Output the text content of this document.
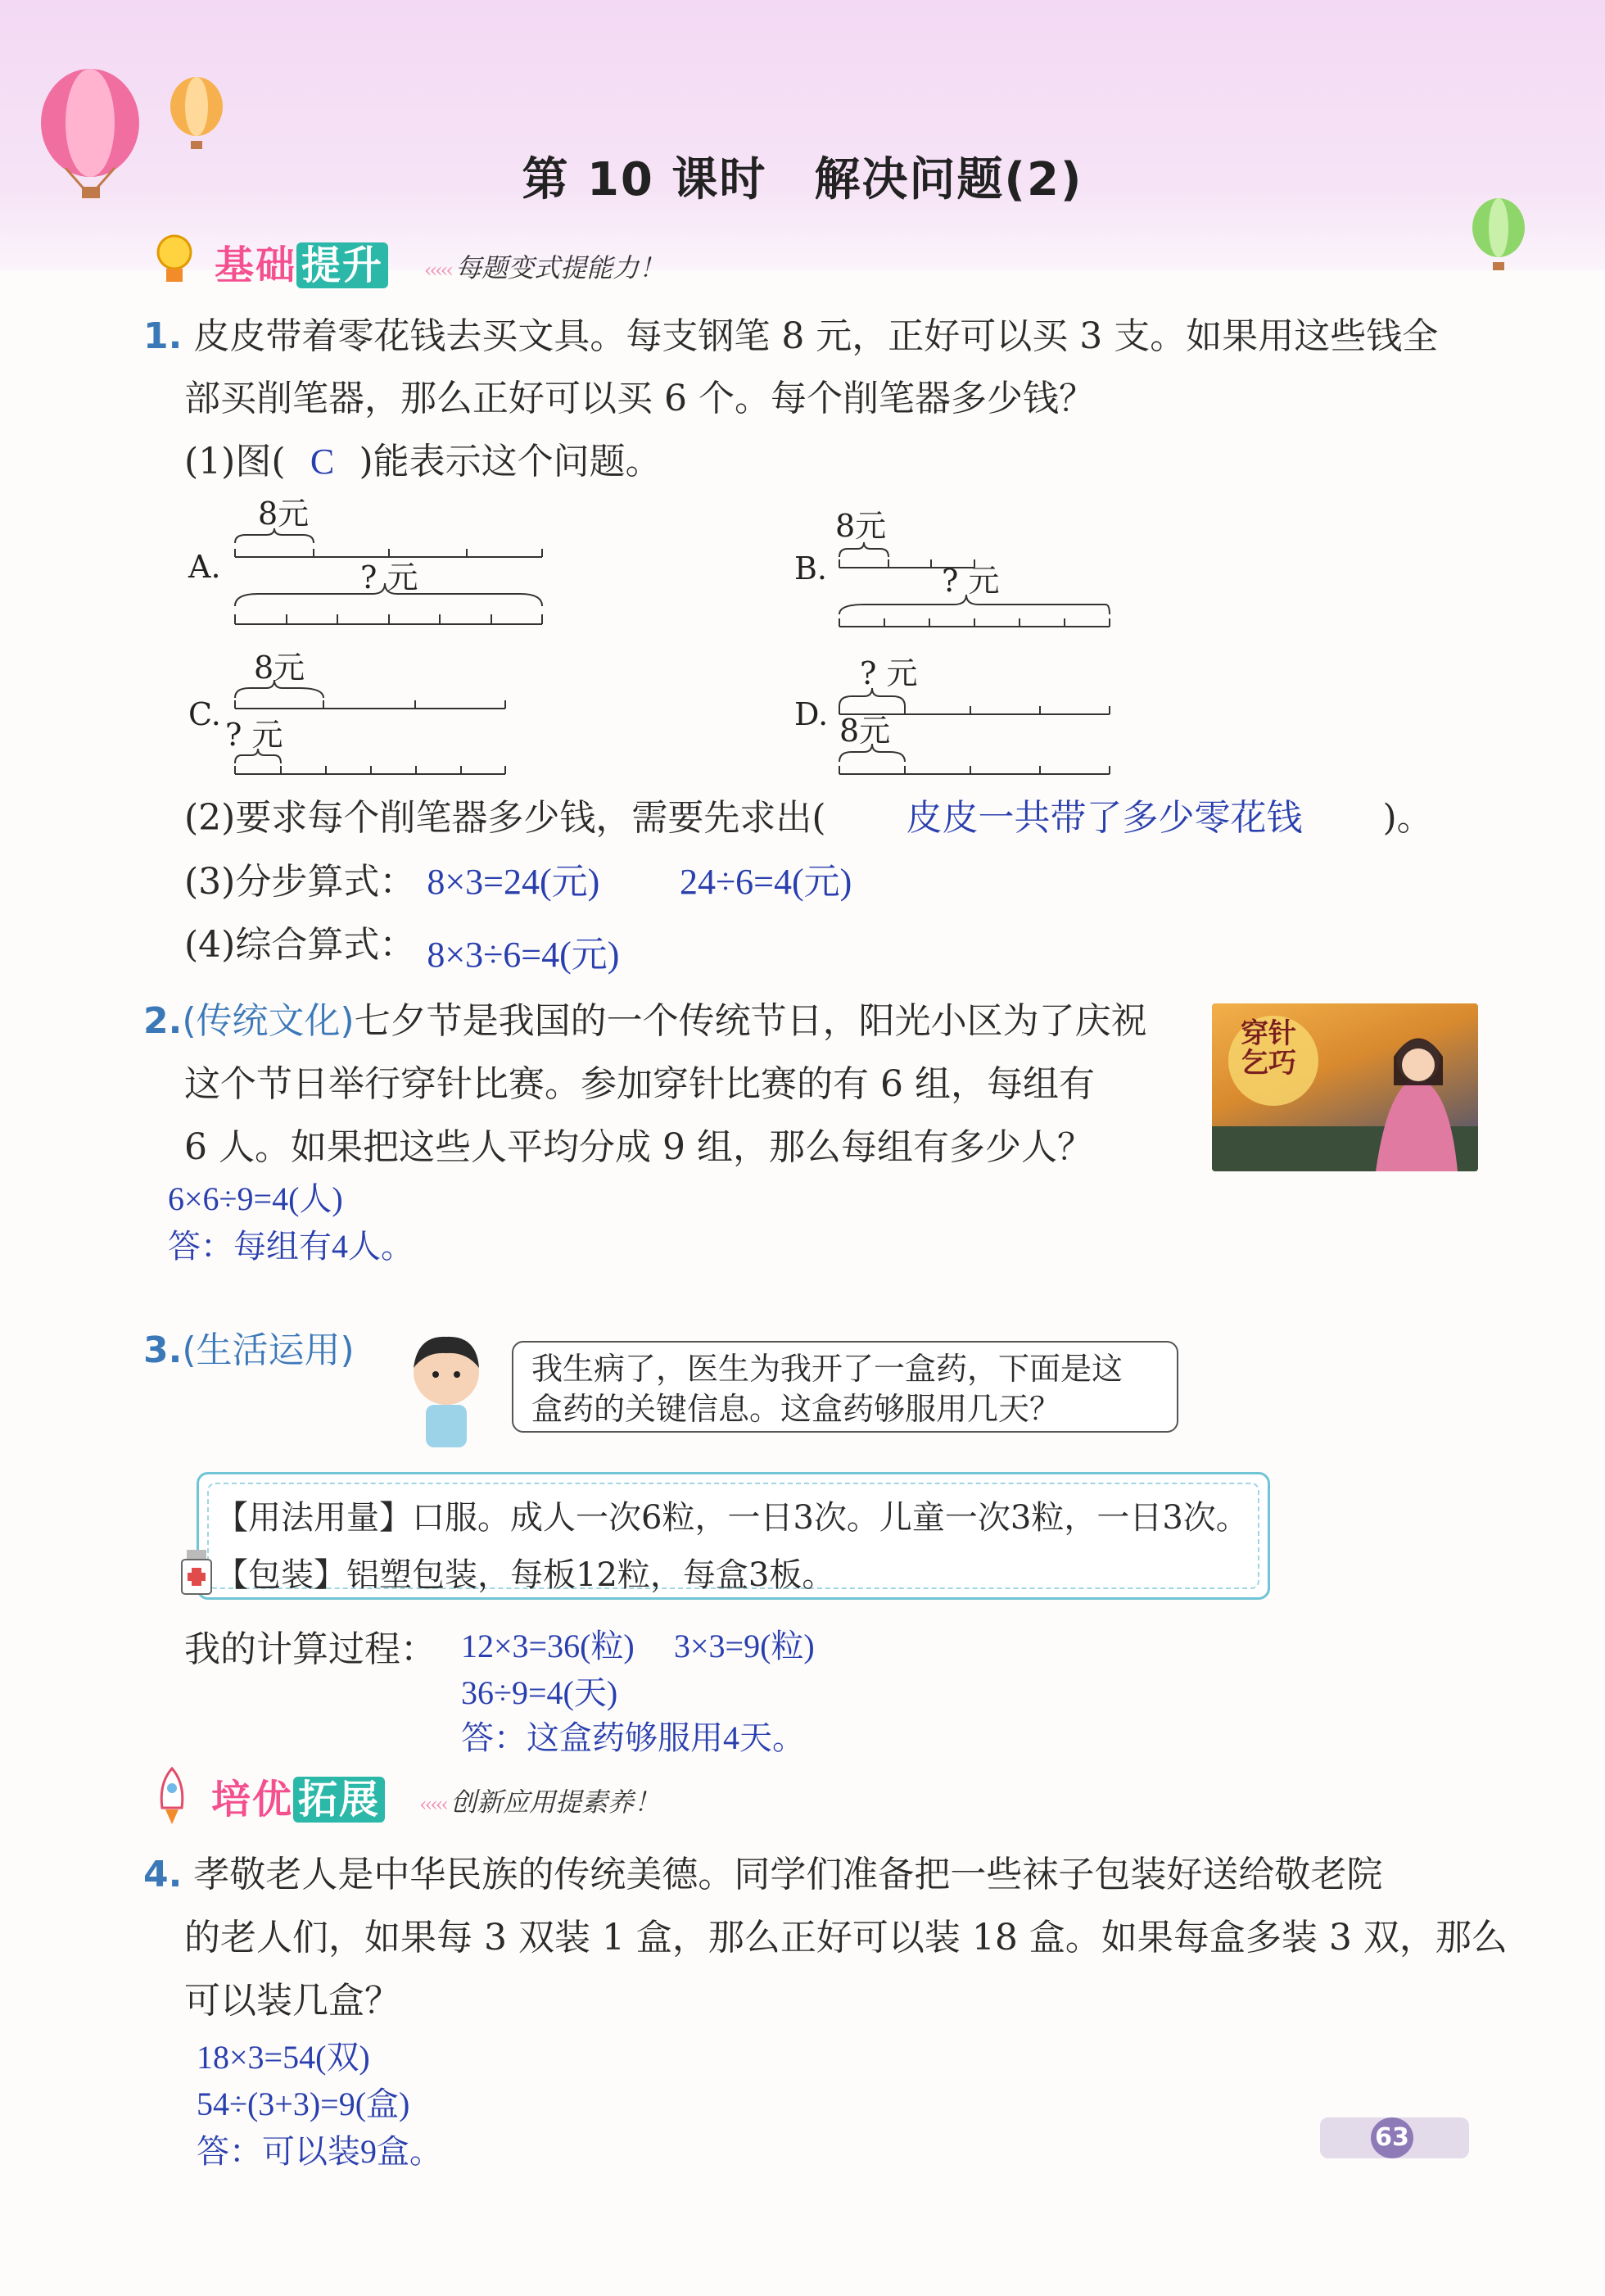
第 10 课时　解决问题(2)
基础 提升 ‹‹‹‹‹ 每题变式提能力！
1. 皮皮带着零花钱去买文具。每支钢笔 8 元，正好可以买 3 支。如果用这些钱全
部买削笔器，那么正好可以买 6 个。每个削笔器多少钱？
(1)图( C )能表示这个问题。
A.
8元
? 元	B.
8元
? 元
C.
8元
? 元
D.
? 元
8元
(2)要求每个削笔器多少钱，需要先求出( 皮皮一共带了多少零花钱 )。
(3)分步算式： 8×3=24(元) 24÷6=4(元)
(4)综合算式： 8×3÷6=4(元)
2.(传统文化)七夕节是我国的一个传统节日，阳光小区为了庆祝
这个节日举行穿针比赛。参加穿针比赛的有 6 组，每组有
6 人。如果把这些人平均分成 9 组，那么每组有多少人？
穿针乞巧
6×6÷9=4(人)
答：每组有4人。
3.(生活运用)	我生病了，医生为我开了一盒药，下面是这
盒药的关键信息。这盒药够服用几天？
【用法用量】口服。成人一次6粒，一日3次。儿童一次3粒，一日3次。
【包装】铝塑包装，每板12粒，每盒3板。
我的计算过程： 12×3=36(粒) 3×3=9(粒)
36÷9=4(天)
答：这盒药够服用4天。
培优 拓展 ‹‹‹‹‹ 创新应用提素养！
4. 孝敬老人是中华民族的传统美德。同学们准备把一些袜子包装好送给敬老院
的老人们，如果每 3 双装 1 盒，那么正好可以装 18 盒。如果每盒多装 3 双，那么
可以装几盒？
18×3=54(双)
54÷(3+3)=9(盒)
答：可以装9盒。	63
